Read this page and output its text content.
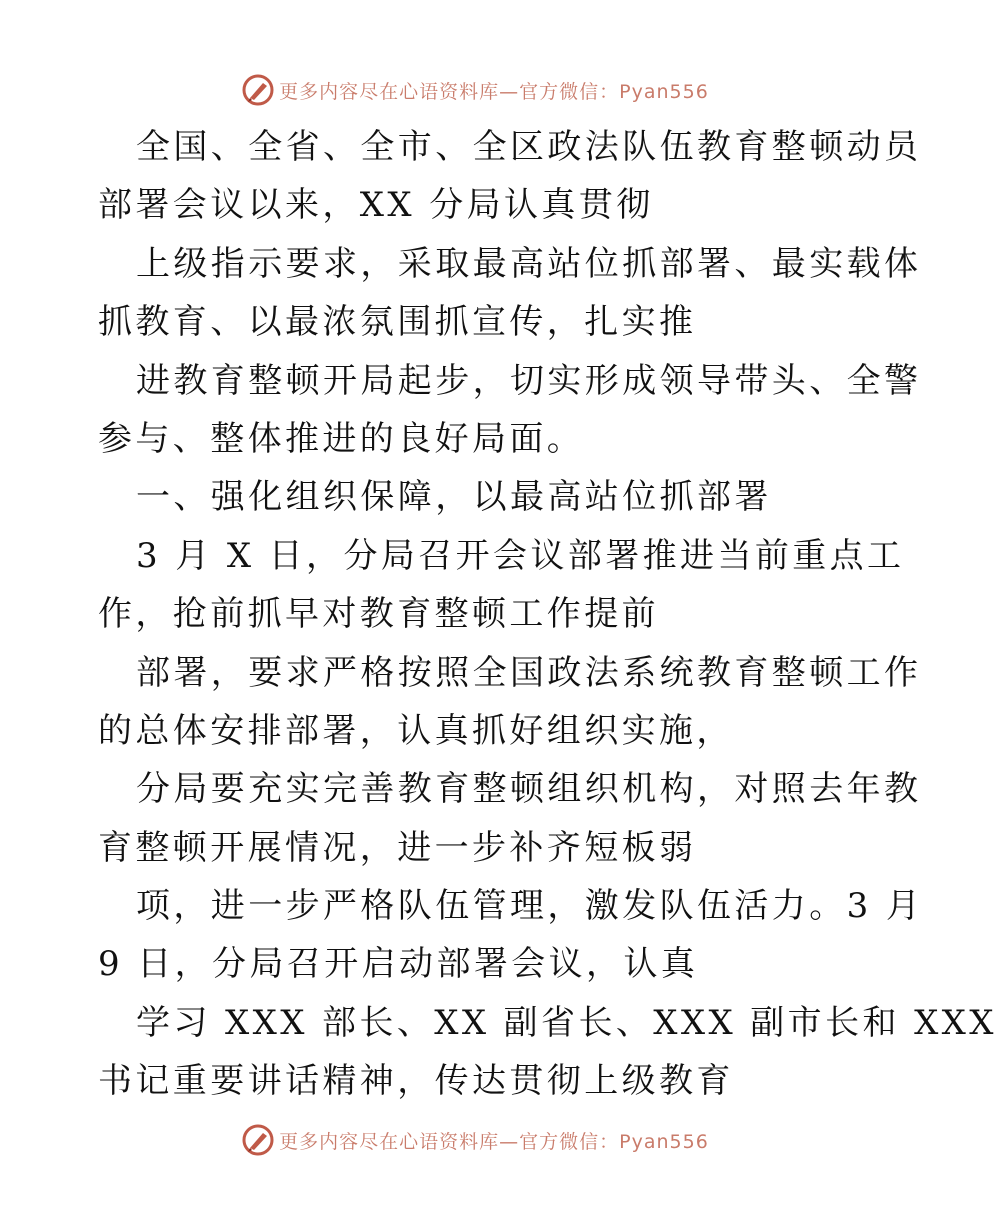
更多内容尽在心语资料库—官方微信：Pyan556
全国、全省、全市、全区政法队伍教育整顿动员
部署会议以来，XX 分局认真贯彻
上级指示要求，采取最高站位抓部署、最实载体
抓教育、以最浓氛围抓宣传，扎实推
进教育整顿开局起步，切实形成领导带头、全警
参与、整体推进的良好局面。
一、强化组织保障，以最高站位抓部署
3 月 X 日，分局召开会议部署推进当前重点工
作，抢前抓早对教育整顿工作提前
部署，要求严格按照全国政法系统教育整顿工作
的总体安排部署，认真抓好组织实施，
分局要充实完善教育整顿组织机构，对照去年教
育整顿开展情况，进一步补齐短板弱
项，进一步严格队伍管理，激发队伍活力。3 月
9 日，分局召开启动部署会议，认真
学习 XXX 部长、XX 副省长、XXX 副市长和 XXX
书记重要讲话精神，传达贯彻上级教育
更多内容尽在心语资料库—官方微信：Pyan556
